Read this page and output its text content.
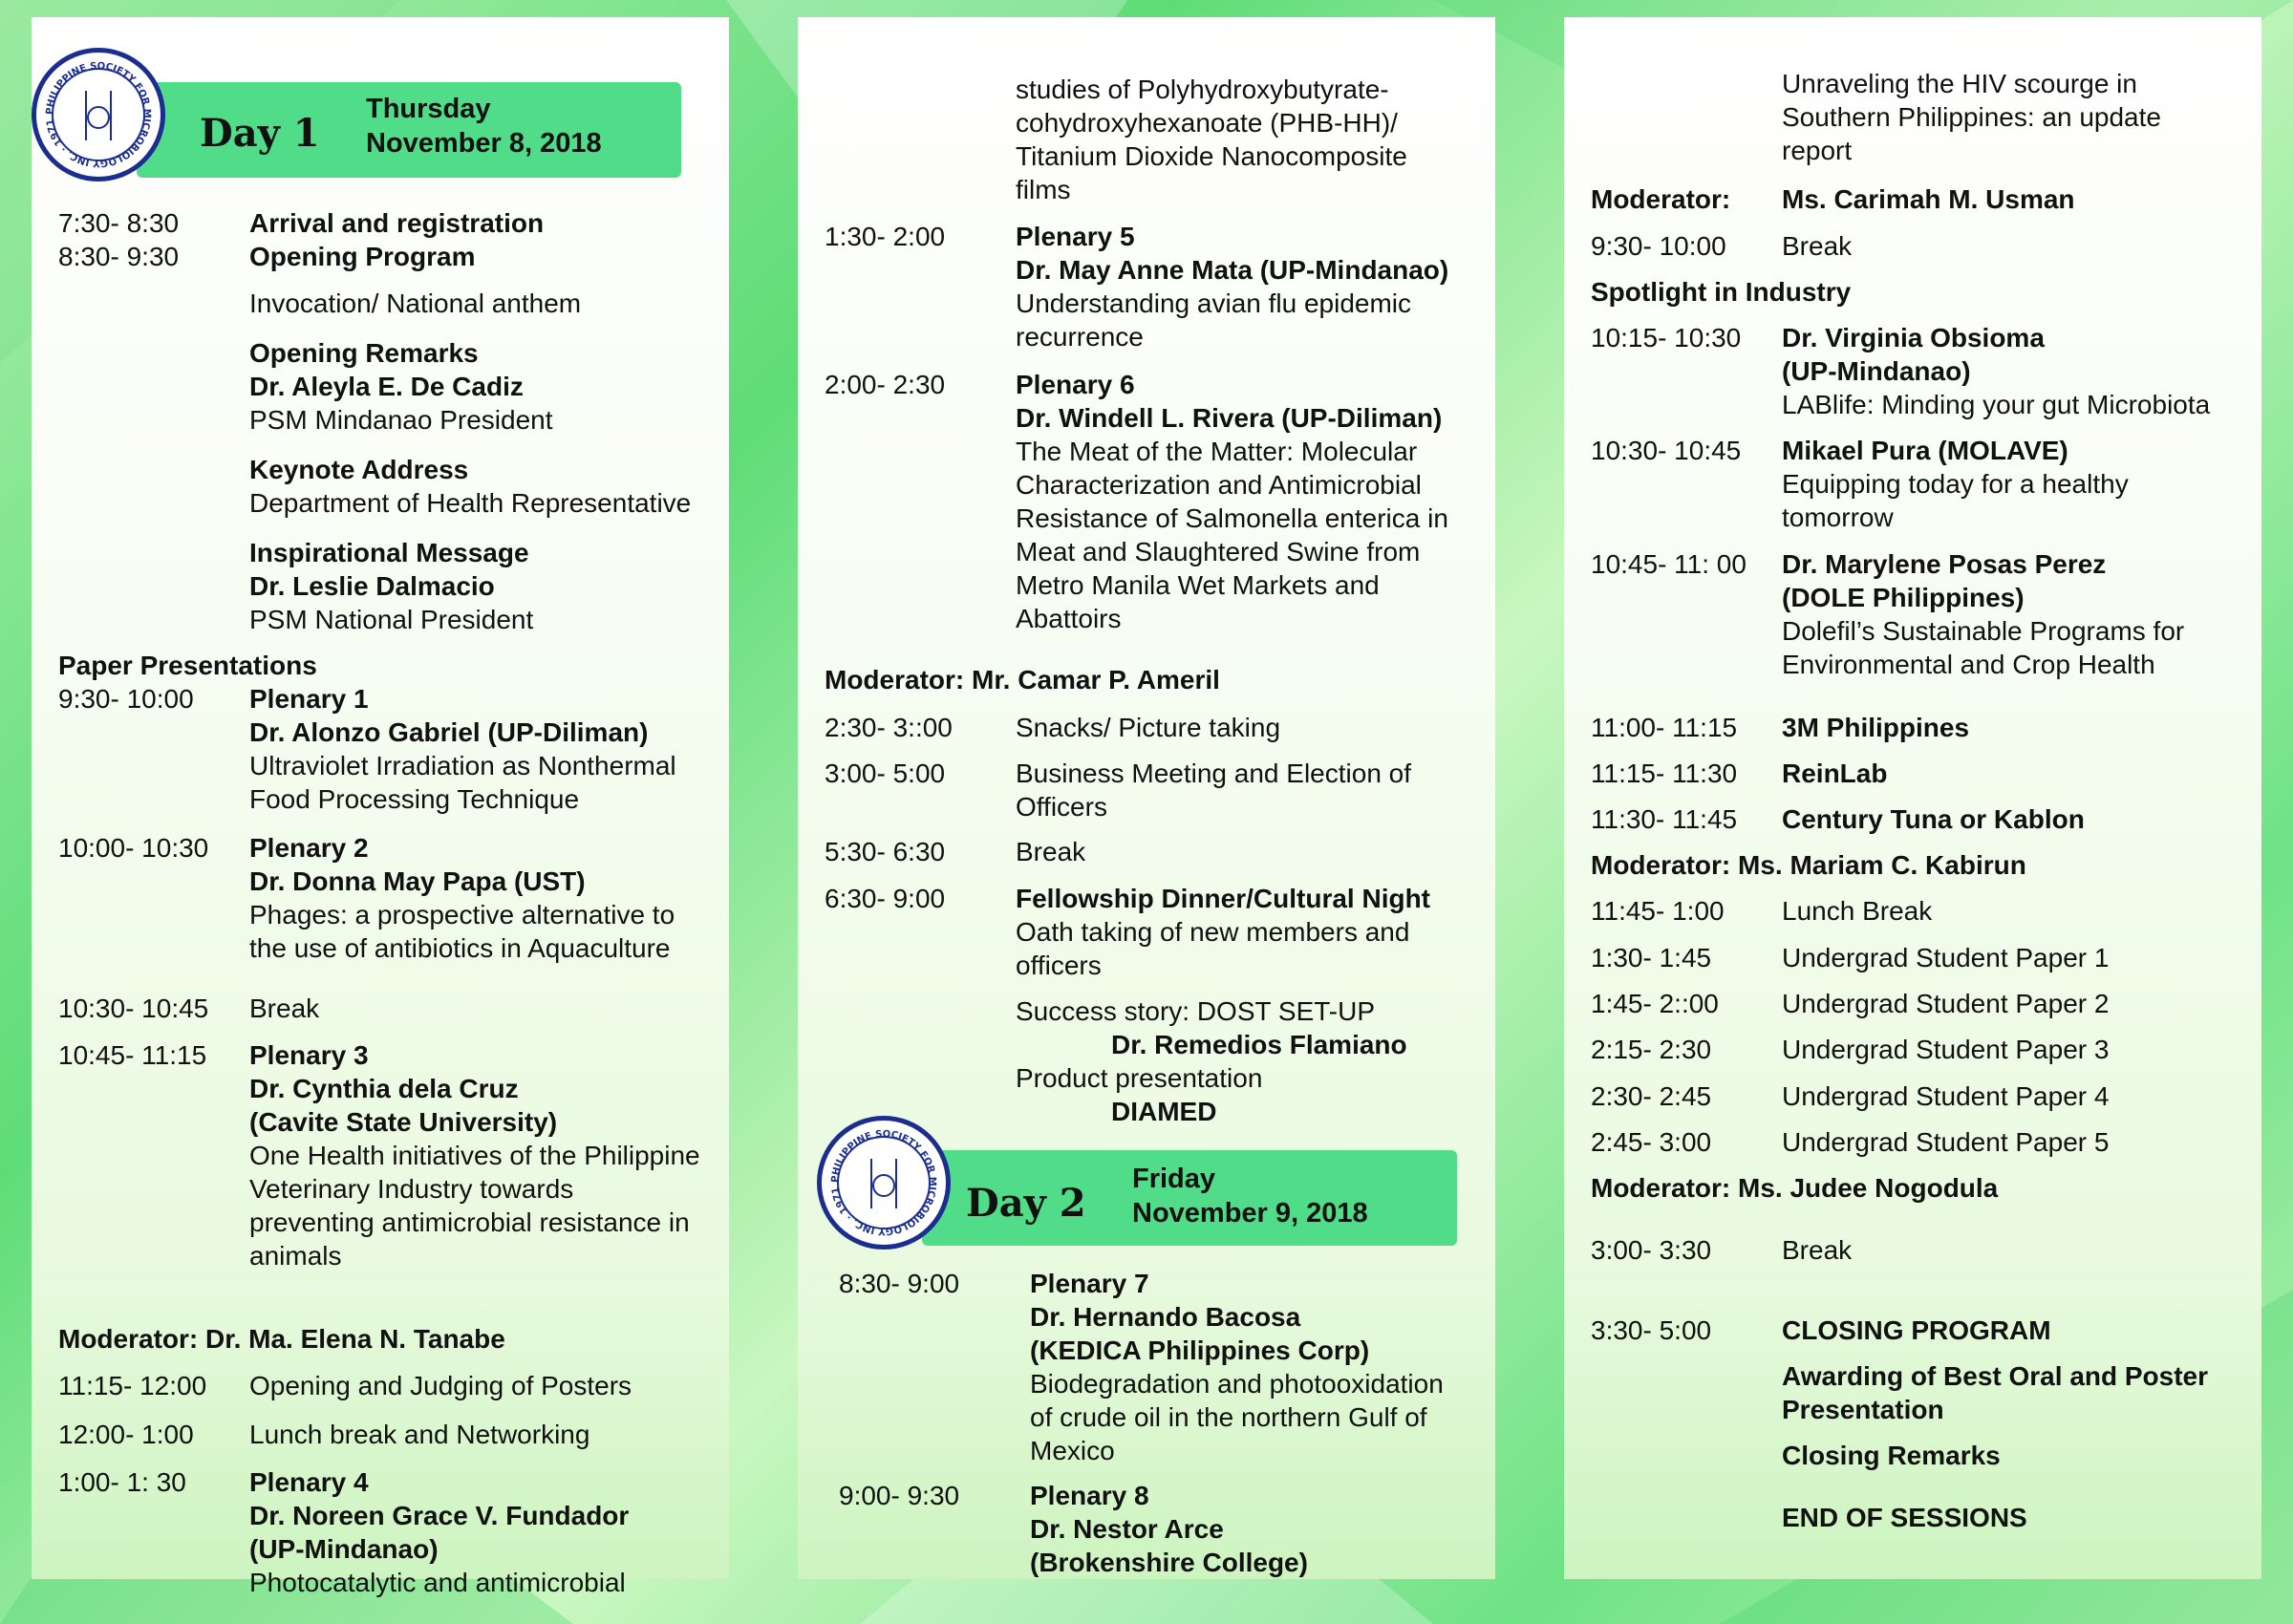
PHILIPPINE SOCIETY FOR MICROBIOLOGY INC. · 1971	Day 1
Thursday
November 8, 2018
7:30- 8:30	Arrival and registration
8:30- 9:30	Opening Program
Invocation/ National anthem
Opening Remarks
Dr. Aleyla E. De Cadiz
PSM Mindanao President
Keynote Address
Department of Health Representative
Inspirational Message
Dr. Leslie Dalmacio
PSM National President
Paper Presentations
9:30- 10:00 Plenary 1
Dr. Alonzo Gabriel (UP-Diliman)
Ultraviolet Irradiation as Nonthermal
Food Processing Technique
10:00- 10:30 Plenary 2
Dr. Donna May Papa (UST)
Phages: a prospective alternative to
the use of antibiotics in Aquaculture
10:30- 10:45 Break
10:45- 11:15 Plenary 3
Dr. Cynthia dela Cruz
(Cavite State University)
One Health initiatives of the Philippine
Veterinary Industry towards
preventing antimicrobial resistance in
animals
Moderator: Dr. Ma. Elena N. Tanabe
11:15- 12:00 Opening and Judging of Posters
12:00- 1:00 Lunch break and Networking
1:00- 1: 30 Plenary 4
Dr. Noreen Grace V. Fundador
(UP-Mindanao)
Photocatalytic and antimicrobial
studies of Polyhydroxybutyrate-
cohydroxyhexanoate (PHB-HH)/
Titanium Dioxide Nanocomposite
films
1:30- 2:00	Plenary 5
Dr. May Anne Mata (UP-Mindanao)
Understanding avian flu epidemic
recurrence
2:00- 2:30	Plenary 6
Dr. Windell L. Rivera (UP-Diliman)
The Meat of the Matter: Molecular
Characterization and Antimicrobial
Resistance of Salmonella enterica in
Meat and Slaughtered Swine from
Metro Manila Wet Markets and
Abattoirs
Moderator: Mr. Camar P. Ameril
2:30- 3::00 Snacks/ Picture taking
3:00- 5:00	Business Meeting and Election of
Officers
5:30- 6:30	Break
6:30- 9:00	Fellowship Dinner/Cultural Night
Oath taking of new members and
officers
Success story: DOST SET-UP
Dr. Remedios Flamiano
Product presentation
DIAMED
PHILIPPINE SOCIETY FOR MICROBIOLOGY INC. · 1971	Day 2
Friday
November 9, 2018
8:30- 9:00	Plenary 7
Dr. Hernando Bacosa
(KEDICA Philippines Corp)
Biodegradation and photooxidation
of crude oil in the northern Gulf of
Mexico
9:00- 9:30	Plenary 8
Dr. Nestor Arce
(Brokenshire College)
Unraveling the HIV scourge in
Southern Philippines: an update
report
Moderator: Ms. Carimah M. Usman
9:30- 10:00 Break
Spotlight in Industry
10:15- 10:30 Dr. Virginia Obsioma
(UP-Mindanao)
LABlife: Minding your gut Microbiota
10:30- 10:45 Mikael Pura (MOLAVE)
Equipping today for a healthy
tomorrow
10:45- 11: 00 Dr. Marylene Posas Perez
(DOLE Philippines)
Dolefil’s Sustainable Programs for
Environmental and Crop Health
11:00- 11:15 3M Philippines
11:15- 11:30 ReinLab
11:30- 11:45 Century Tuna or Kablon
Moderator: Ms. Mariam C. Kabirun
11:45- 1:00 Lunch Break
1:30- 1:45	Undergrad Student Paper 1
1:45- 2::00 Undergrad Student Paper 2
2:15- 2:30	Undergrad Student Paper 3
2:30- 2:45	Undergrad Student Paper 4
2:45- 3:00	Undergrad Student Paper 5
Moderator: Ms. Judee Nogodula
3:00- 3:30	Break
3:30- 5:00	CLOSING PROGRAM
Awarding of Best Oral and Poster
Presentation
Closing Remarks
END OF SESSIONS
